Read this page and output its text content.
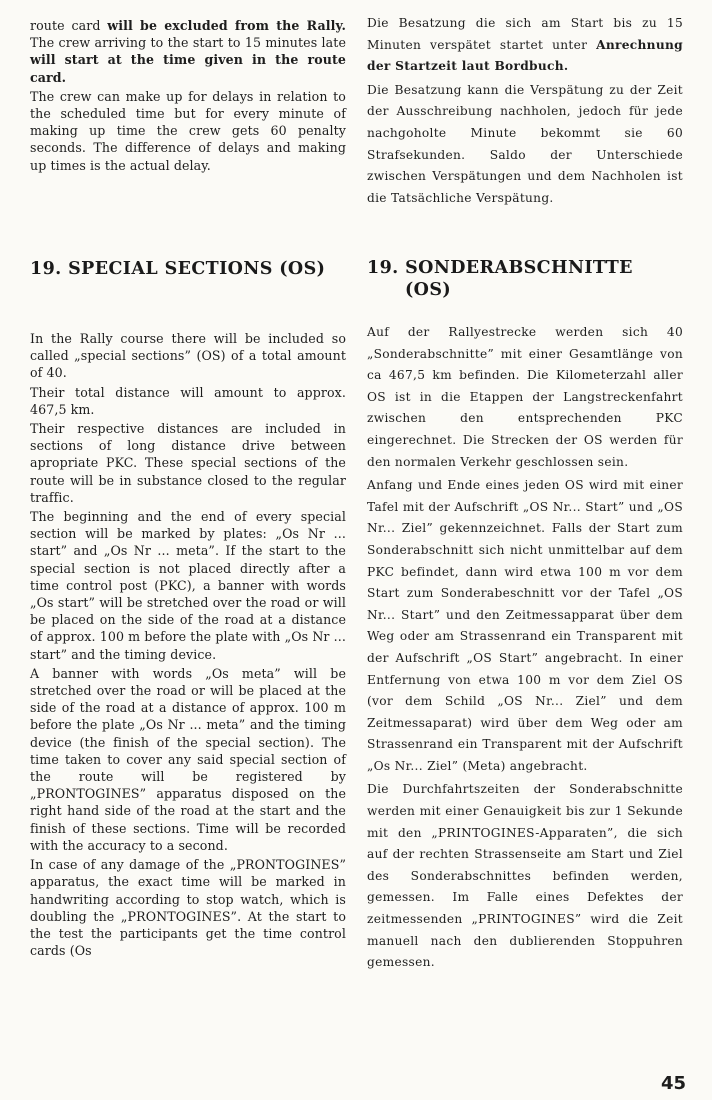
route card will be excluded from the Rally. The crew arriving to the start to 15 minutes late will start at the time given in the route card.

The crew can make up for delays in relation to the scheduled time but for every minute of making up time the crew gets 60 penalty seconds. The difference of delays and making up times is the actual delay.

Die Besatzung die sich am Start bis zu 15 Minuten verspätet startet unter Anrechnung der Startzeit laut Bordbuch.

Die Besatzung kann die Verspätung zu der Zeit der Ausschreibung nachholen, jedoch für jede nachgoholte Minute bekommt sie 60 Strafsekunden. Saldo der Unterschiede zwischen Verspätungen und dem Nachholen ist die Tatsächliche Verspätung.

19. SPECIAL SECTIONS (OS)	19. SONDERABSCHNITTE
(OS)

In the Rally course there will be included so called „special sections” (OS) of a total amount of 40.

Their total distance will amount to approx. 467,5 km.

Their respective distances are included in sections of long distance drive between apropriate PKC. These special sections of the route will be in substance closed to the regular traffic.

The beginning and the end of every special section will be marked by plates: „Os Nr ... start” and „Os Nr ... meta”. If the start to the special section is not placed directly after a time control post (PKC), a banner with words „Os start” will be stretched over the road or will be placed on the side of the road at a distance of approx. 100 m before the plate with „Os Nr ... start” and the timing device.

A banner with words „Os meta” will be stretched over the road or will be placed at the side of the road at a distance of approx. 100 m before the plate „Os Nr ... meta” and the timing device (the finish of the special section). The time taken to cover any said special section of the route will be registered by „PRONTOGINES” apparatus disposed on the right hand side of the road at the start and the finish of these sections. Time will be recorded with the accuracy to a second.

In case of any damage of the „PRONTOGINES” apparatus, the exact time will be marked in handwriting according to stop watch, which is doubling the „PRONTOGINES”. At the start to the test the participants get the time control cards (Os

Auf der Rallyestrecke werden sich 40 „Sonderabschnitte” mit einer Gesamtlänge von ca 467,5 km befinden. Die Kilometerzahl aller OS ist in die Etappen der Langstreckenfahrt zwischen den entsprechenden PKC eingerechnet. Die Strecken der OS werden für den normalen Verkehr geschlossen sein.

Anfang und Ende eines jeden OS wird mit einer Tafel mit der Aufschrift „OS Nr... Start” und „OS Nr... Ziel” gekennzeichnet. Falls der Start zum Sonderabschnitt sich nicht unmittelbar auf dem PKC befindet, dann wird etwa 100 m vor dem Start zum Sonderabeschnitt vor der Tafel „OS Nr... Start” und den Zeitmessapparat über dem Weg oder am Strassenrand ein Transparent mit der Aufschrift „OS Start” angebracht. In einer Entfernung von etwa 100 m vor dem Ziel OS (vor dem Schild „OS Nr... Ziel” und dem Zeitmessaparat) wird über dem Weg oder am Strassenrand ein Transparent mit der Aufschrift „Os Nr... Ziel” (Meta) angebracht.

Die Durchfahrtszeiten der Sonderabschnitte werden mit einer Genauigkeit bis zur 1 Sekunde mit den „PRINTOGINES-Apparaten”, die sich auf der rechten Strassenseite am Start und Ziel des Sonderabschnittes befinden werden, gemessen. Im Falle eines Defektes der zeitmessenden „PRINTOGINES” wird die Zeit manuell nach den dublierenden Stoppuhren gemessen.

45
